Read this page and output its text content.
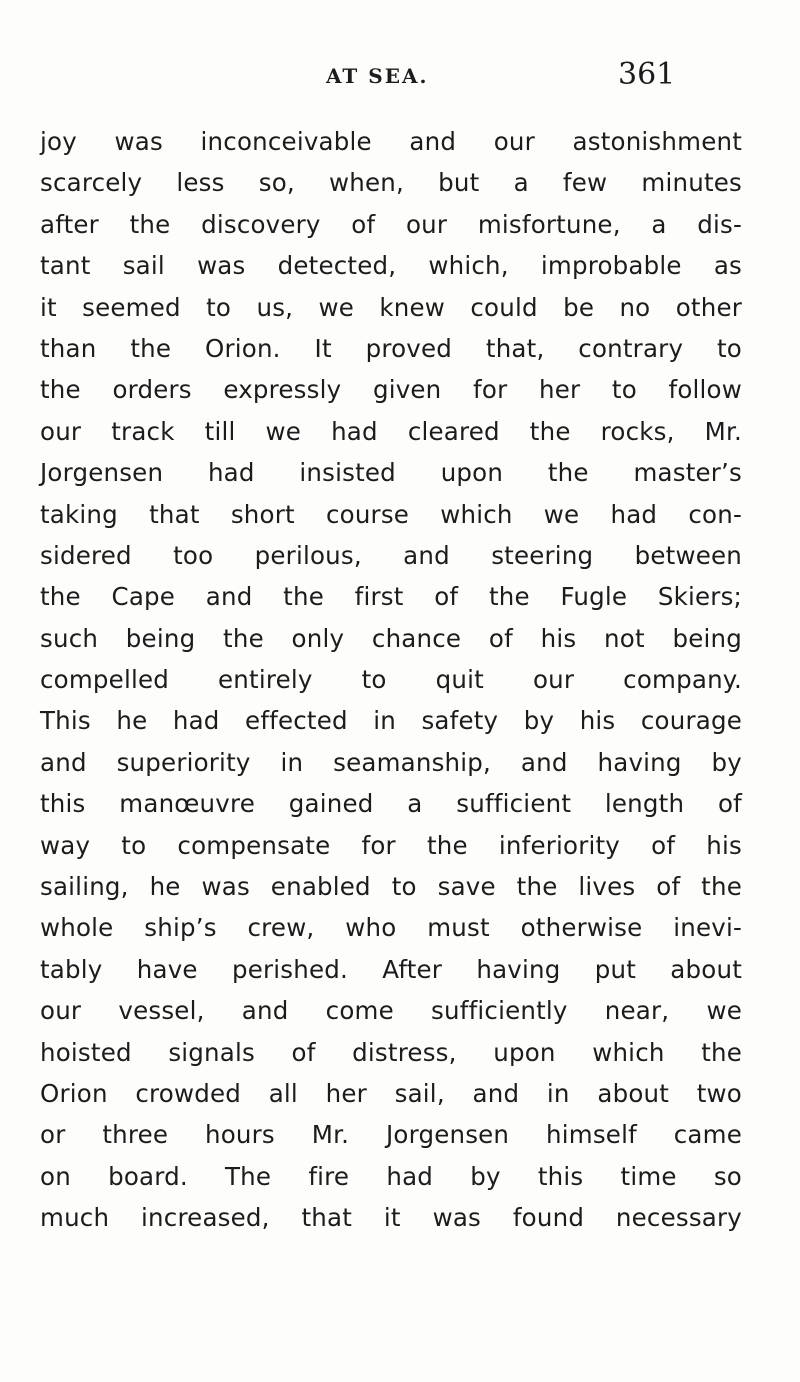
AT SEA.	361
joy was inconceivable and our astonishment
scarcely less so, when, but a few minutes
after the discovery of our misfortune, a dis-
tant sail was detected, which, improbable as
it seemed to us, we knew could be no other
than the Orion. It proved that, contrary to
the orders expressly given for her to follow
our track till we had cleared the rocks, Mr.
Jorgensen had insisted upon the master’s
taking that short course which we had con-
sidered too perilous, and steering between
the Cape and the first of the Fugle Skiers;
such being the only chance of his not being
compelled entirely to quit our company.
This he had effected in safety by his courage
and superiority in seamanship, and having by
this manœuvre gained a sufficient length of
way to compensate for the inferiority of his
sailing, he was enabled to save the lives of the
whole ship’s crew, who must otherwise inevi-
tably have perished. After having put about
our vessel, and come sufficiently near, we
hoisted signals of distress, upon which the
Orion crowded all her sail, and in about two
or three hours Mr. Jorgensen himself came
on board. The fire had by this time so
much increased, that it was found necessary
